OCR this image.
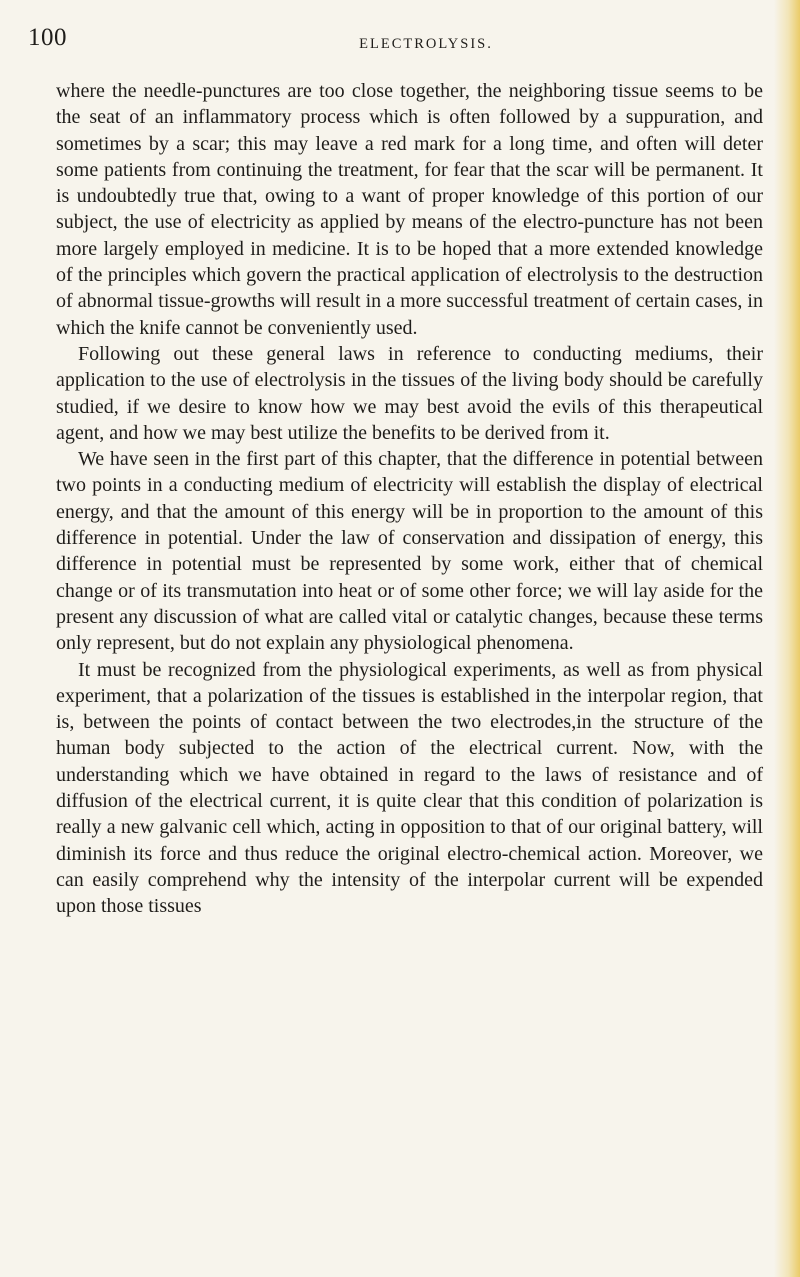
100	ELECTROLYSIS.

where the needle-punctures are too close together, the neighboring tissue seems to be the seat of an inflammatory process which is often followed by a suppuration, and sometimes by a scar; this may leave a red mark for a long time, and often will deter some patients from continuing the treatment, for fear that the scar will be permanent. It is undoubtedly true that, owing to a want of proper knowledge of this portion of our subject, the use of electricity as applied by means of the electro-puncture has not been more largely employed in medicine. It is to be hoped that a more extended knowledge of the principles which govern the practical application of electrolysis to the destruction of abnormal tissue-growths will result in a more successful treatment of certain cases, in which the knife cannot be conveniently used.

Following out these general laws in reference to conducting mediums, their application to the use of electrolysis in the tissues of the living body should be carefully studied, if we desire to know how we may best avoid the evils of this therapeutical agent, and how we may best utilize the benefits to be derived from it.

We have seen in the first part of this chapter, that the difference in potential between two points in a conducting medium of electricity will establish the display of electrical energy, and that the amount of this energy will be in proportion to the amount of this difference in potential. Under the law of conservation and dissipation of energy, this difference in potential must be represented by some work, either that of chemical change or of its transmutation into heat or of some other force; we will lay aside for the present any discussion of what are called vital or catalytic changes, because these terms only represent, but do not explain any physiological phenomena.

It must be recognized from the physiological experiments, as well as from physical experiment, that a polarization of the tissues is established in the interpolar region, that is, between the points of contact between the two electrodes,in the structure of the human body subjected to the action of the electrical current. Now, with the understanding which we have obtained in regard to the laws of resistance and of diffusion of the electrical current, it is quite clear that this condition of polarization is really a new galvanic cell which, acting in opposition to that of our original battery, will diminish its force and thus reduce the original electro-chemical action. Moreover, we can easily comprehend why the intensity of the interpolar current will be expended upon those tissues
